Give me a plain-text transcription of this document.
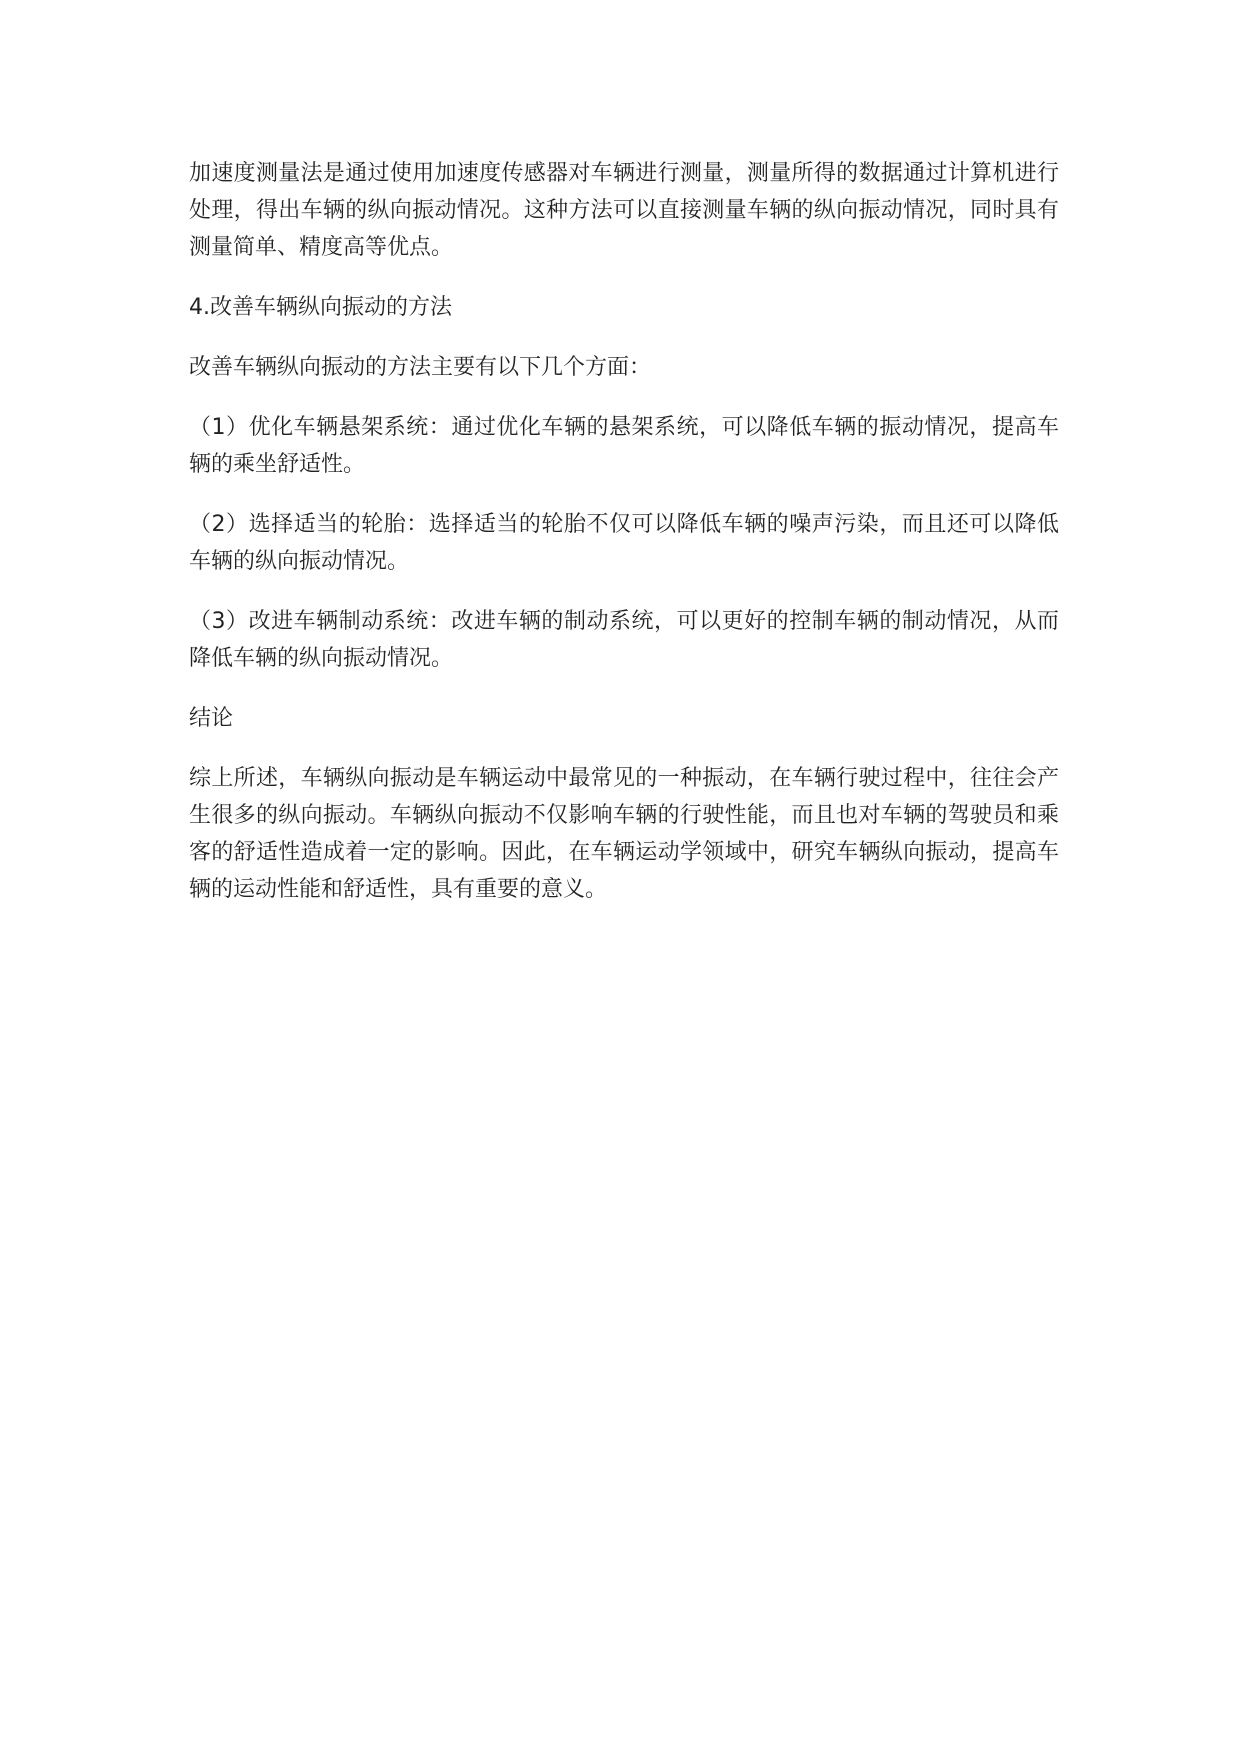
加速度测量法是通过使用加速度传感器对车辆进行测量，测量所得的数据通过计算机进行处理，得出车辆的纵向振动情况。这种方法可以直接测量车辆的纵向振动情况，同时具有测量简单、精度高等优点。

4.改善车辆纵向振动的方法

改善车辆纵向振动的方法主要有以下几个方面：

（1）优化车辆悬架系统：通过优化车辆的悬架系统，可以降低车辆的振动情况，提高车辆的乘坐舒适性。

（2）选择适当的轮胎：选择适当的轮胎不仅可以降低车辆的噪声污染，而且还可以降低车辆的纵向振动情况。

（3）改进车辆制动系统：改进车辆的制动系统，可以更好的控制车辆的制动情况，从而降低车辆的纵向振动情况。

结论

综上所述，车辆纵向振动是车辆运动中最常见的一种振动，在车辆行驶过程中，往往会产生很多的纵向振动。车辆纵向振动不仅影响车辆的行驶性能，而且也对车辆的驾驶员和乘客的舒适性造成着一定的影响。因此，在车辆运动学领域中，研究车辆纵向振动，提高车辆的运动性能和舒适性，具有重要的意义。
